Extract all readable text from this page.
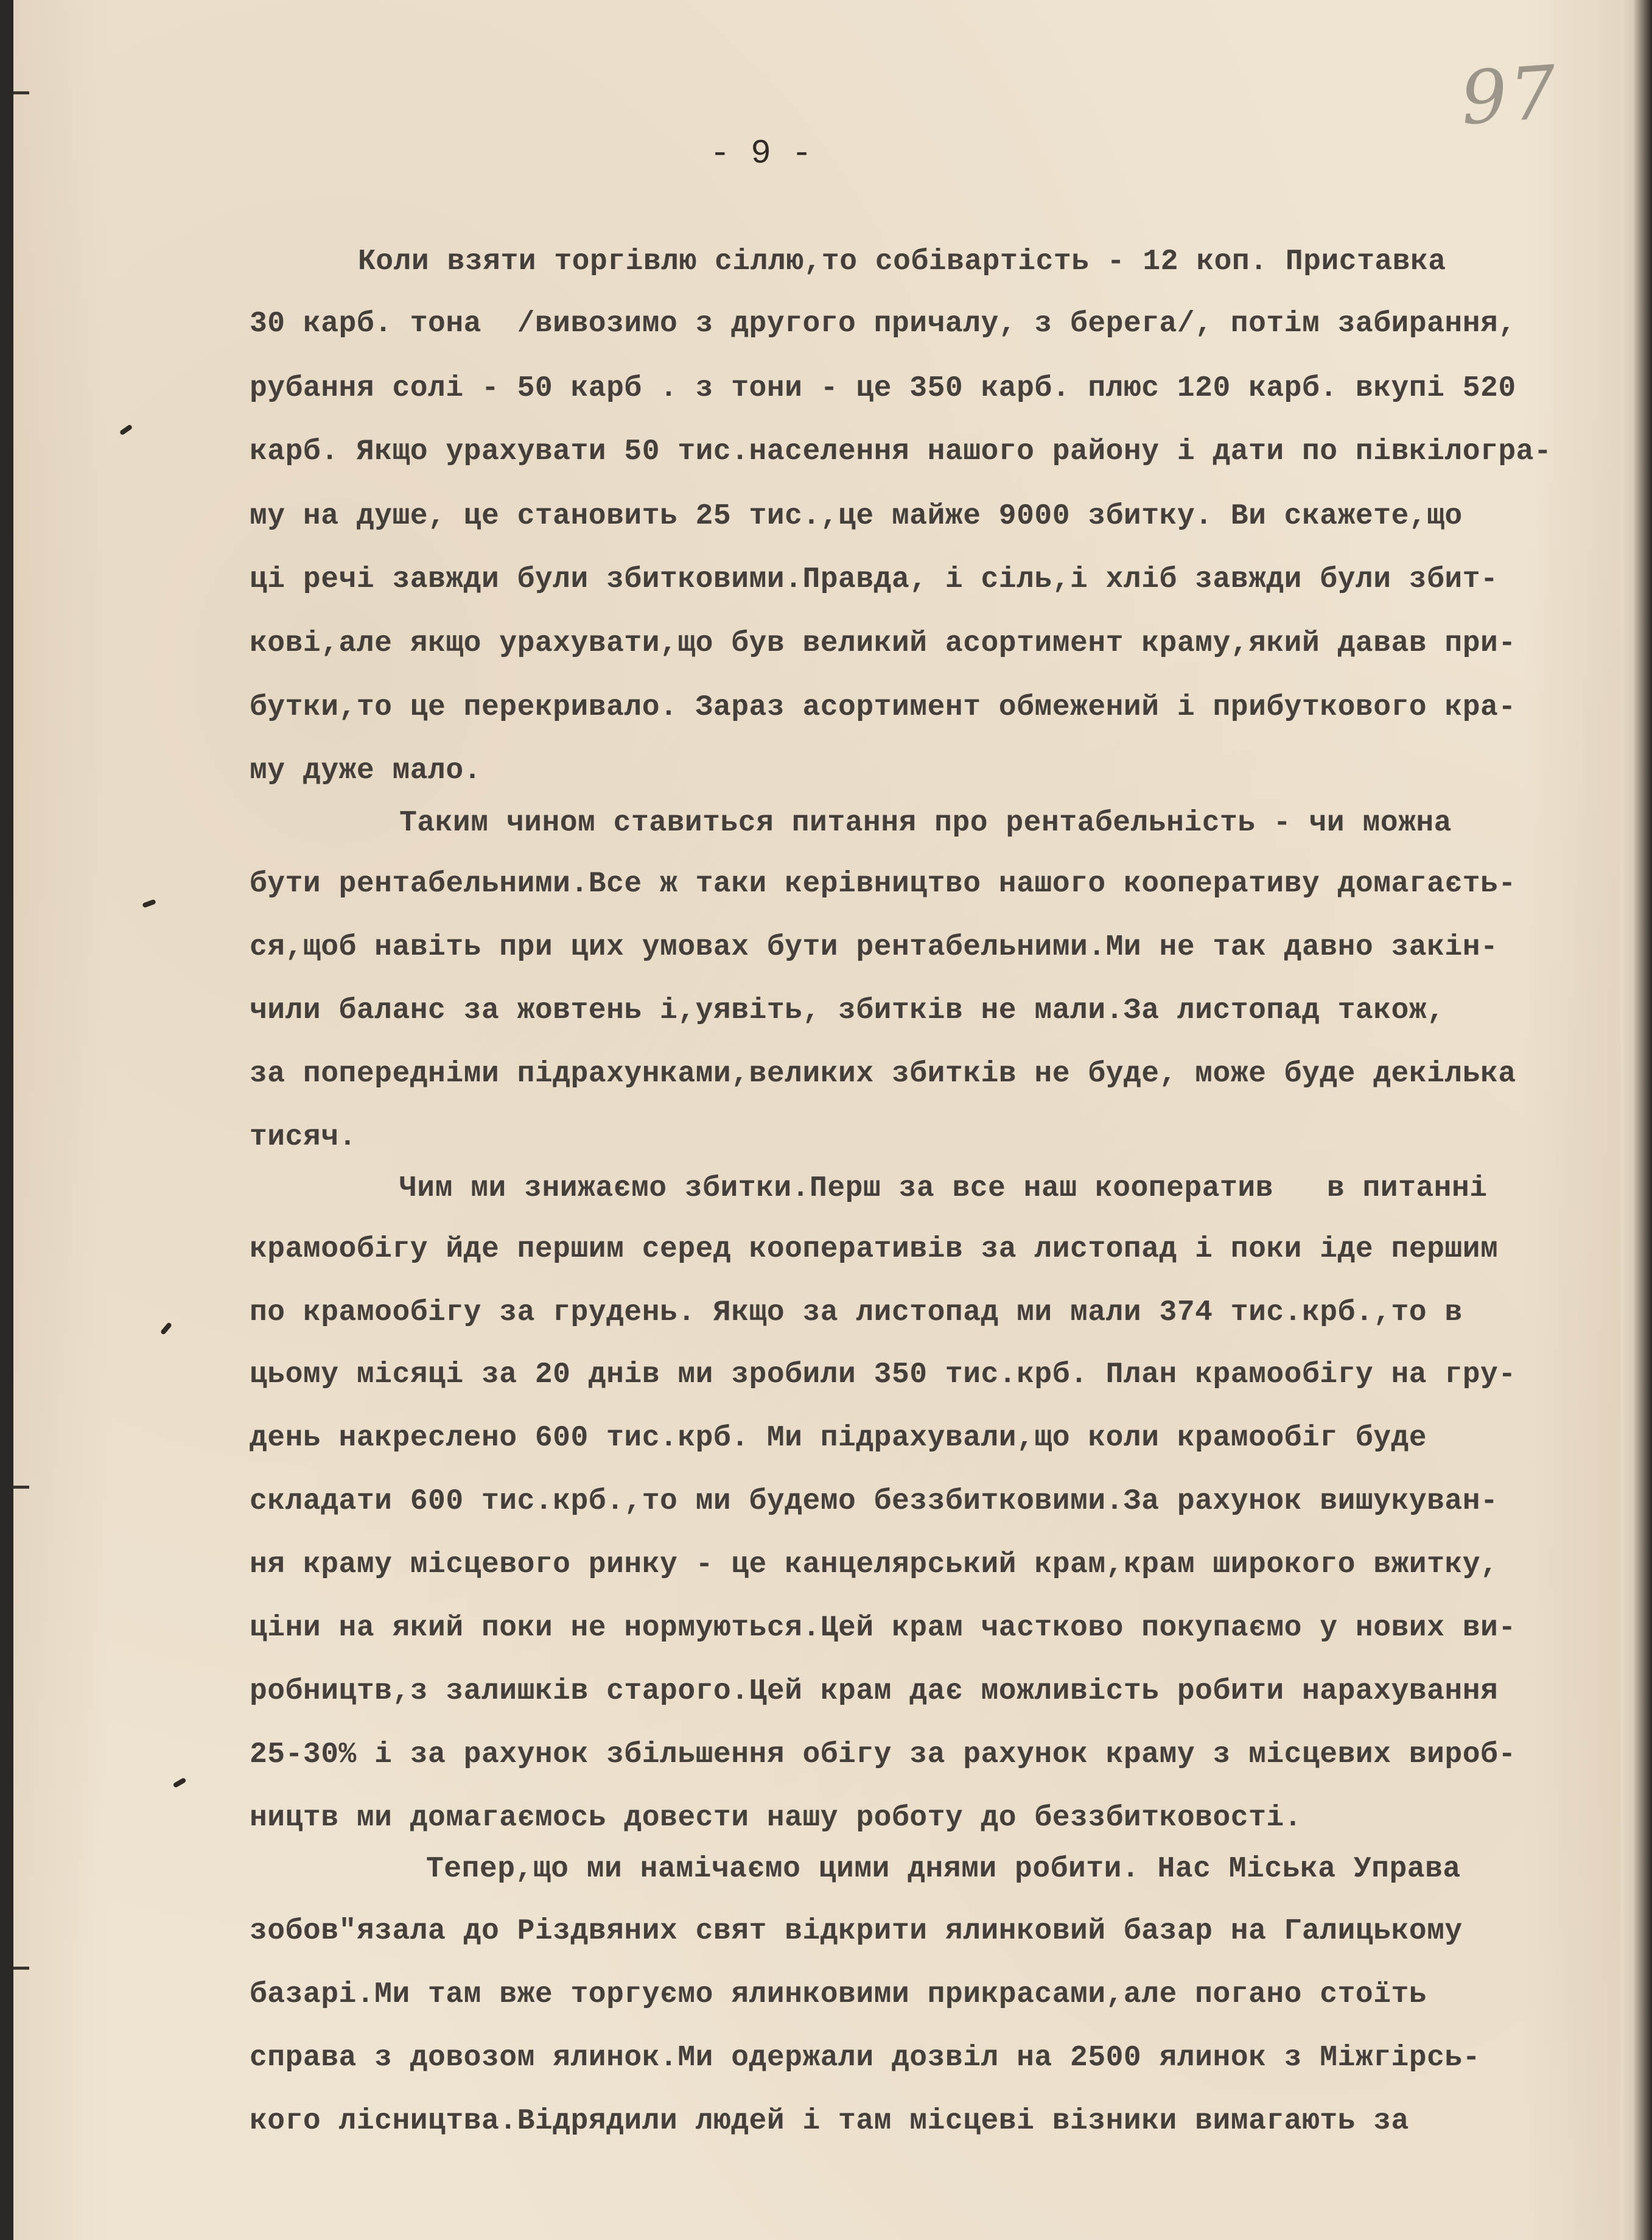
97
- 9 -
Коли взяти торгівлю сіллю,то собівартість - 12 коп. Приставка
30 карб. тона  /вивозимо з другого причалу, з берега/, потім забирання,
рубання солі - 50 карб . з тони - це 350 карб. плюс 120 карб. вкупі 520
карб. Якщо урахувати 50 тис.населення нашого району і дати по півкілогра-
му на душе, це становить 25 тис.,це майже 9000 збитку. Ви скажете,що
ці речі завжди були збитковими.Правда, і сіль,і хліб завжди були збит-
кові,але якщо урахувати,що був великий асортимент краму,який давав при-
бутки,то це перекривало. Зараз асортимент обмежений і прибуткового кра-
му дуже мало.
Таким чином ставиться питання про рентабельність - чи можна
бути рентабельними.Все ж таки керівництво нашого кооперативу домагаєть-
ся,щоб навіть при цих умовах бути рентабельними.Ми не так давно закін-
чили баланс за жовтень і,уявіть, збитків не мали.За листопад також,
за попередніми підрахунками,великих збитків не буде, може буде декілька
тисяч.
Чим ми знижаємо збитки.Перш за все наш кооператив   в питанні
крамообігу йде першим серед кооперативів за листопад і поки іде першим
по крамообігу за грудень. Якщо за листопад ми мали 374 тис.крб.,то в
цьому місяці за 20 днів ми зробили 350 тис.крб. План крамообігу на гру-
день накреслено 600 тис.крб. Ми підрахували,що коли крамообіг буде
складати 600 тис.крб.,то ми будемо беззбитковими.За рахунок вишукуван-
ня краму місцевого ринку - це канцелярський крам,крам широкого вжитку,
ціни на який поки не нормуються.Цей крам частково покупаємо у нових ви-
робництв,з залишків старого.Цей крам дає можливість робити нарахування
25-30% і за рахунок збільшення обігу за рахунок краму з місцевих вироб-
ництв ми домагаємось довести нашу роботу до беззбитковості.
Тепер,що ми намічаємо цими днями робити. Нас Міська Управа
зобов"язала до Різдвяних свят відкрити ялинковий базар на Галицькому
базарі.Ми там вже торгуємо ялинковими прикрасами,але погано стоїть
справа з довозом ялинок.Ми одержали дозвіл на 2500 ялинок з Міжгірсь-
кого лісництва.Відрядили людей і там місцеві візники вимагають за
